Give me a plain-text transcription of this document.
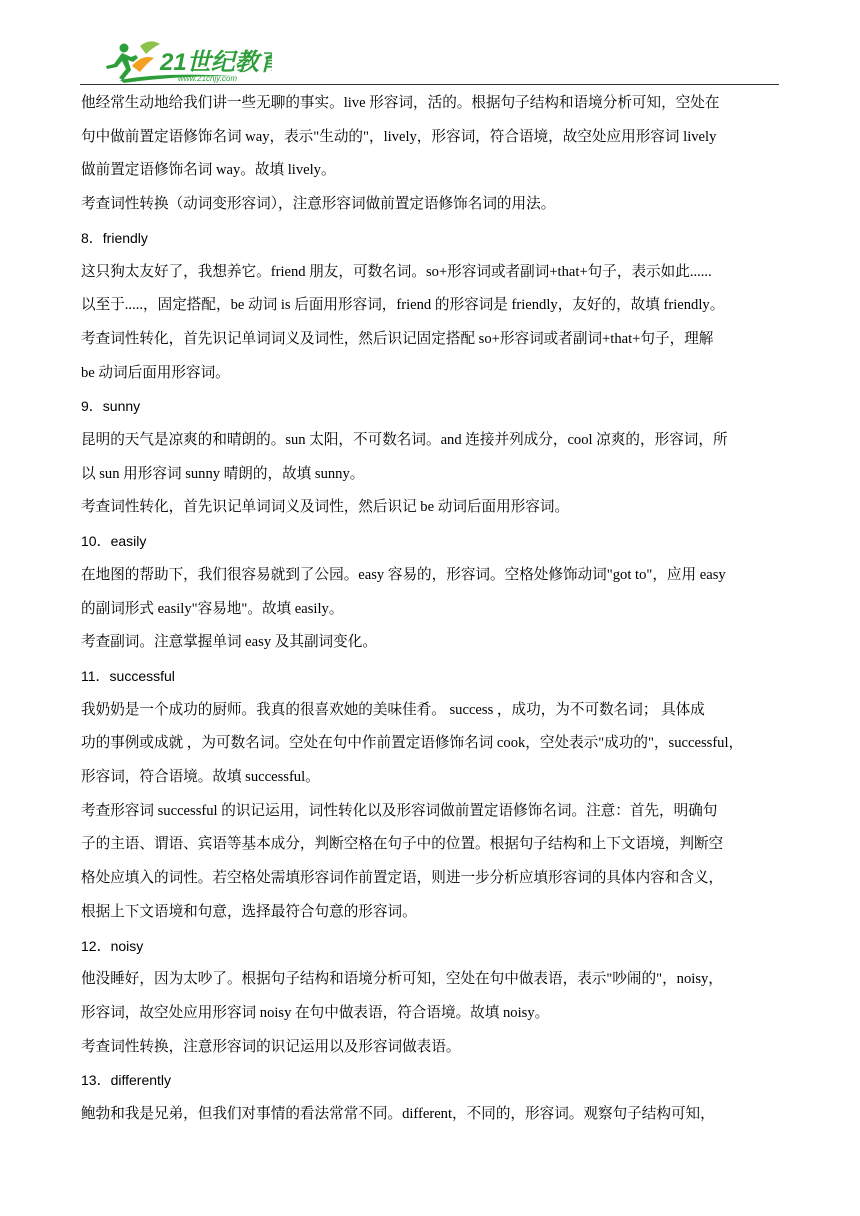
21世纪教育
www.21cnjy.com

他经常生动地给我们讲一些无聊的事实。live 形容词，活的。根据句子结构和语境分析可知，空处在

句中做前置定语修饰名词 way，表示"生动的"，lively，形容词，符合语境，故空处应用形容词 lively

做前置定语修饰名词 way。故填 lively。

考查词性转换（动词变形容词），注意形容词做前置定语修饰名词的用法。

8．friendly

这只狗太友好了，我想养它。friend 朋友，可数名词。so+形容词或者副词+that+句子，表示如此......

以至于.....，固定搭配，be 动词 is 后面用形容词，friend 的形容词是 friendly，友好的，故填 friendly。

考查词性转化，首先识记单词词义及词性，然后识记固定搭配 so+形容词或者副词+that+句子，理解

be 动词后面用形容词。

9．sunny

昆明的天气是凉爽的和晴朗的。sun 太阳，不可数名词。and 连接并列成分，cool 凉爽的，形容词，所

以 sun 用形容词 sunny 晴朗的，故填 sunny。

考查词性转化，首先识记单词词义及词性，然后识记 be 动词后面用形容词。

10．easily

在地图的帮助下，我们很容易就到了公园。easy 容易的，形容词。空格处修饰动词"got to"，应用 easy

的副词形式 easily"容易地"。故填 easily。

考查副词。注意掌握单词 easy 及其副词变化。

11．successful

我奶奶是一个成功的厨师。我真的很喜欢她的美味佳肴。 success ，成功，为不可数名词； 具体成

功的事例或成就 ，为可数名词。空处在句中作前置定语修饰名词 cook，空处表示"成功的"，successful，

形容词，符合语境。故填 successful。

考查形容词 successful 的识记运用，词性转化以及形容词做前置定语修饰名词。注意：首先，明确句

子的主语、谓语、宾语等基本成分，判断空格在句子中的位置。根据句子结构和上下文语境，判断空

格处应填入的词性。若空格处需填形容词作前置定语，则进一步分析应填形容词的具体内容和含义，

根据上下文语境和句意，选择最符合句意的形容词。

12．noisy

他没睡好，因为太吵了。根据句子结构和语境分析可知，空处在句中做表语，表示"吵闹的"，noisy，

形容词，故空处应用形容词 noisy 在句中做表语，符合语境。故填 noisy。

考查词性转换，注意形容词的识记运用以及形容词做表语。

13．differently

鲍勃和我是兄弟，但我们对事情的看法常常不同。different，不同的，形容词。观察句子结构可知，
